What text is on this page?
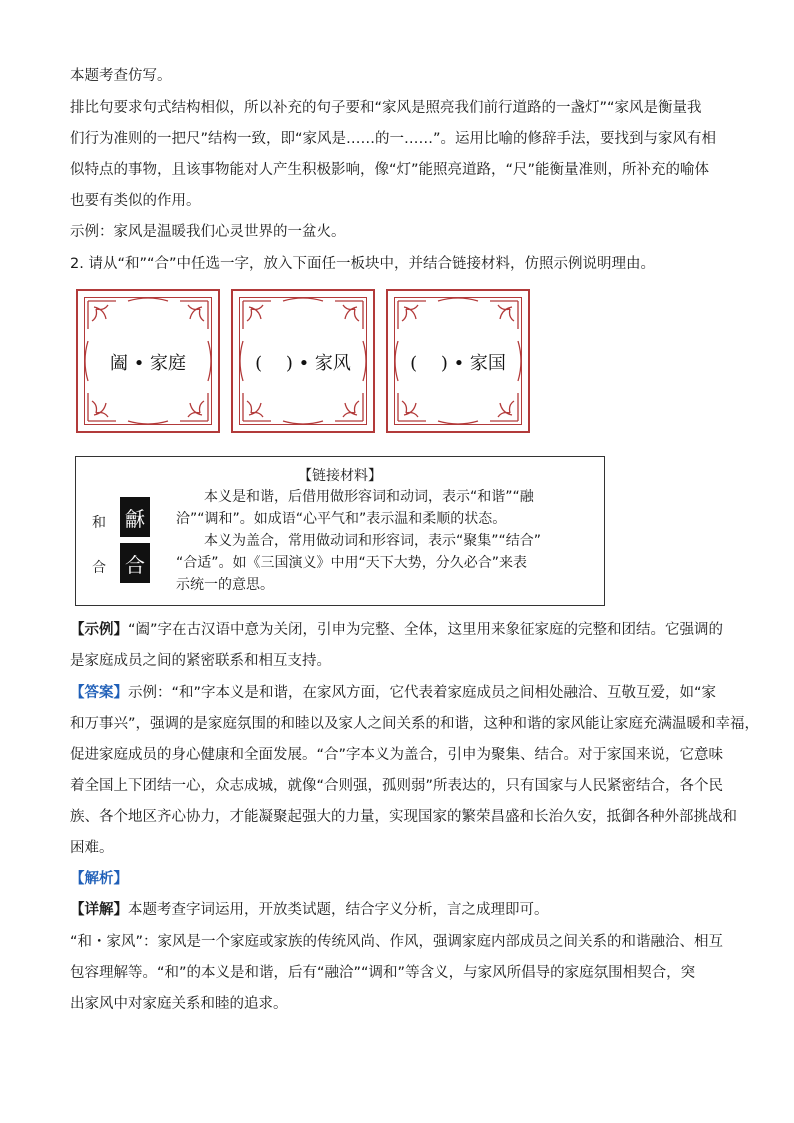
本题考查仿写。
排比句要求句式结构相似，所以补充的句子要和“家风是照亮我们前行道路的一盏灯”“家风是衡量我
们行为准则的一把尺”结构一致，即“家风是……的一……”。运用比喻的修辞手法，要找到与家风有相
似特点的事物，且该事物能对人产生积极影响，像“灯”能照亮道路，“尺”能衡量准则，所补充的喻体
也要有类似的作用。
示例：家风是温暖我们心灵世界的一盆火。
2. 请从“和”“合”中任选一字，放入下面任一板块中，并结合链接材料，仿照示例说明理由。
阖 • 家庭	(　 ) • 家风	(　 ) • 家国
【链接材料】
和 龢
本义是和谐，后借用做形容词和动词，表示“和谐”“融
洽”“调和”。如成语“心平气和”表示温和柔顺的状态。
合 合
本义为盖合，常用做动词和形容词，表示“聚集”“结合”
“合适”。如《三国演义》中用“天下大势，分久必合”来表
示统一的意思。
【示例】“阖”字在古汉语中意为关闭，引申为完整、全体，这里用来象征家庭的完整和团结。它强调的
是家庭成员之间的紧密联系和相互支持。
【答案】示例：“和”字本义是和谐，在家风方面，它代表着家庭成员之间相处融洽、互敬互爱，如“家
和万事兴”，强调的是家庭氛围的和睦以及家人之间关系的和谐，这种和谐的家风能让家庭充满温暖和幸福，
促进家庭成员的身心健康和全面发展。“合”字本义为盖合，引申为聚集、结合。对于家国来说，它意味
着全国上下团结一心，众志成城，就像“合则强，孤则弱”所表达的，只有国家与人民紧密结合，各个民
族、各个地区齐心协力，才能凝聚起强大的力量，实现国家的繁荣昌盛和长治久安，抵御各种外部挑战和
困难。
【解析】
【详解】本题考查字词运用，开放类试题，结合字义分析，言之成理即可。
“和・家风”：家风是一个家庭或家族的传统风尚、作风，强调家庭内部成员之间关系的和谐融洽、相互
包容理解等。“和”的本义是和谐，后有“融洽”“调和”等含义，与家风所倡导的家庭氛围相契合，突
出家风中对家庭关系和睦的追求。
